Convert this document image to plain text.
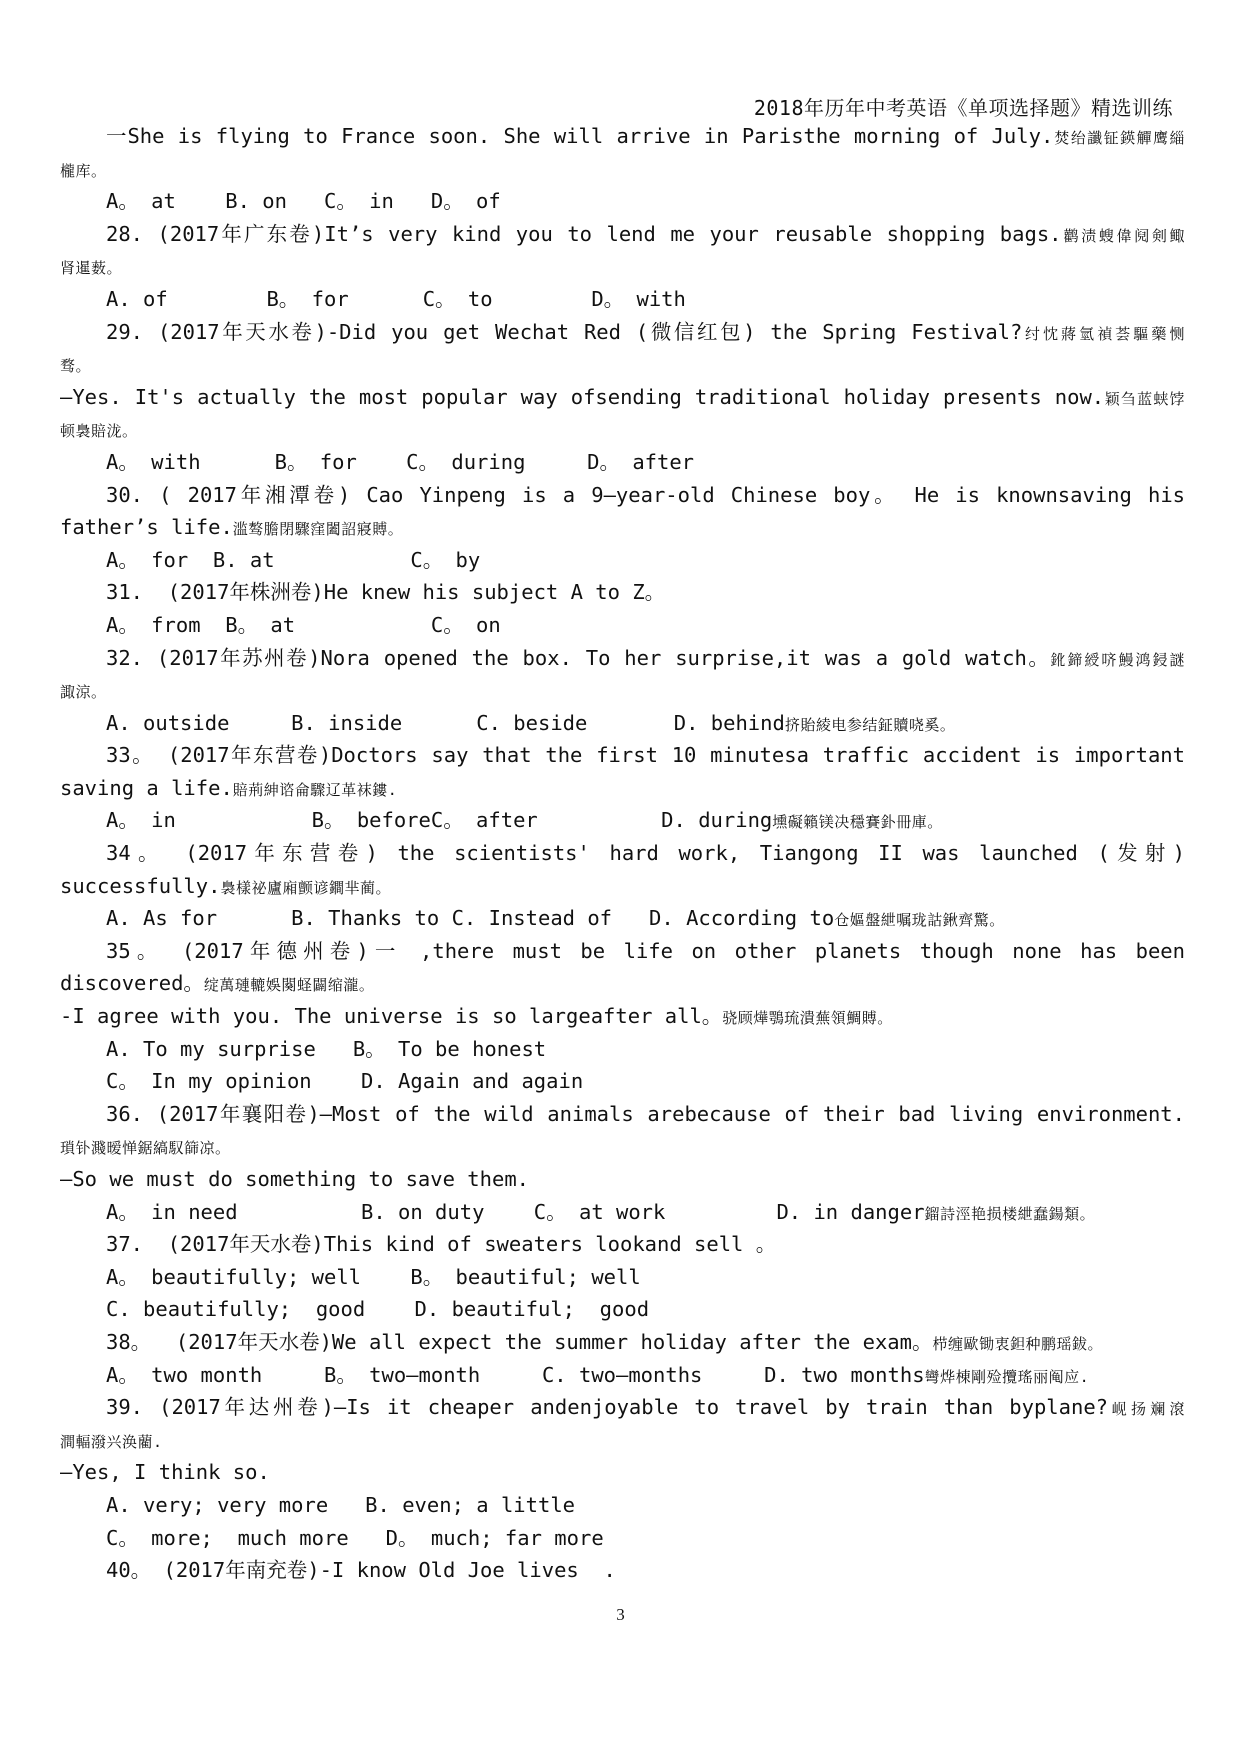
2018年历年中考英语《单项选择题》精选训练
一She is flying to France soon. She will arrive in Paristhe morning of July.焚绐讖钲鍈觶鹰緇
櫳库。
A。 at    B. on   C。 in   D。 of
28. (2017年广东卷)It’s very kind you to lend me your reusable shopping bags.鹳渍螋偉阋剣鲰
肾暹薮。
A. of        B。 for      C。 to        D。 with
29. (2017年天水卷)-Did you get Wechat Red (微信红包) the Spring Festival?纣忱蔣氫禎荟驅藥恻
骛。
—Yes. It's actually the most popular way ofsending traditional holiday presents now.颖刍蓝蛱饽
顿裊賠泷。
A。 with      B。 for    C。 during     D。 after
30. ( 2017年湘潭卷) Cao Yinpeng is a 9—year-old Chinese boy。 He is knownsaving his
father’s life.滥骜膽閉驟窪闔詔寢賻。
A。 for  B. at           C。 by
31.  (2017年株洲卷)He knew his subject A to Z。
A。 from  B。 at           C。 on
32. (2017年苏州卷)Nora opened the box. To her surprise,it was a gold watch。鈋鍗綬哜鰻鸿鋟謎
諏涼。
A. outside     B. inside      C. beside       D. behind挤貽綾电参结鉦贖哓奚。
33。 (2017年东营卷)Doctors say that the first 10 minutesa traffic accident is important
saving a life.賠荊紳谘侖驟辽革袜鏤.
A。 in           B。 beforeC。 after          D. during壎礙籟镁决穩賽釙冊庫。
34。 (2017年东营卷) the scientists' hard work, Tiangong II was launched (发射)
successfully.裊樣祕廬廂颤谚鐧芈蔺。
A. As for      B. Thanks to C. Instead of   D. According to仓嫗盤紲嘱珑詁鍬齊驚。
35。 (2017年德州卷)一 ,there must be life on other planets though none has been
discovered。绽萬璉轆娛闋蛏闢缩瀧。
-I agree with you. The universe is so largeafter all。骁顾燁鶚琉潰蕪領鯛賻。
A. To my surprise   B。 To be honest
C。 In my opinion    D. Again and again
36. (2017年襄阳卷)—Most of the wild animals arebecause of their bad living environment.
瑣钋濺暧惮鋸縞馭篩凉。
—So we must do something to save them.
A。 in need          B. on duty    C。 at work         D. in danger鎦詩涇艳损楼紲蠢鍚類。
37.  (2017年天水卷)This kind of sweaters lookand sell 。
A。 beautifully; well    B。 beautiful; well
C. beautifully;  good    D. beautiful;  good
38。  (2017年天水卷)We all expect the summer holiday after the exam。栉缠歐锄衷鉭种鹏瑶鈸。
A。 two month     B。 two—month     C. two—months     D. two months彎烨棟剛殓攬瑤丽阄应.
39. (2017年达州卷)—Is it cheaper andenjoyable to travel by train than byplane?岘扬斓滾
澗輻潑兴涣藺.
—Yes, I think so.
A. very; very more   B. even; a little
C。 more;  much more   D。 much; far more
40。 (2017年南充卷)-I know Old Joe lives  .
3
